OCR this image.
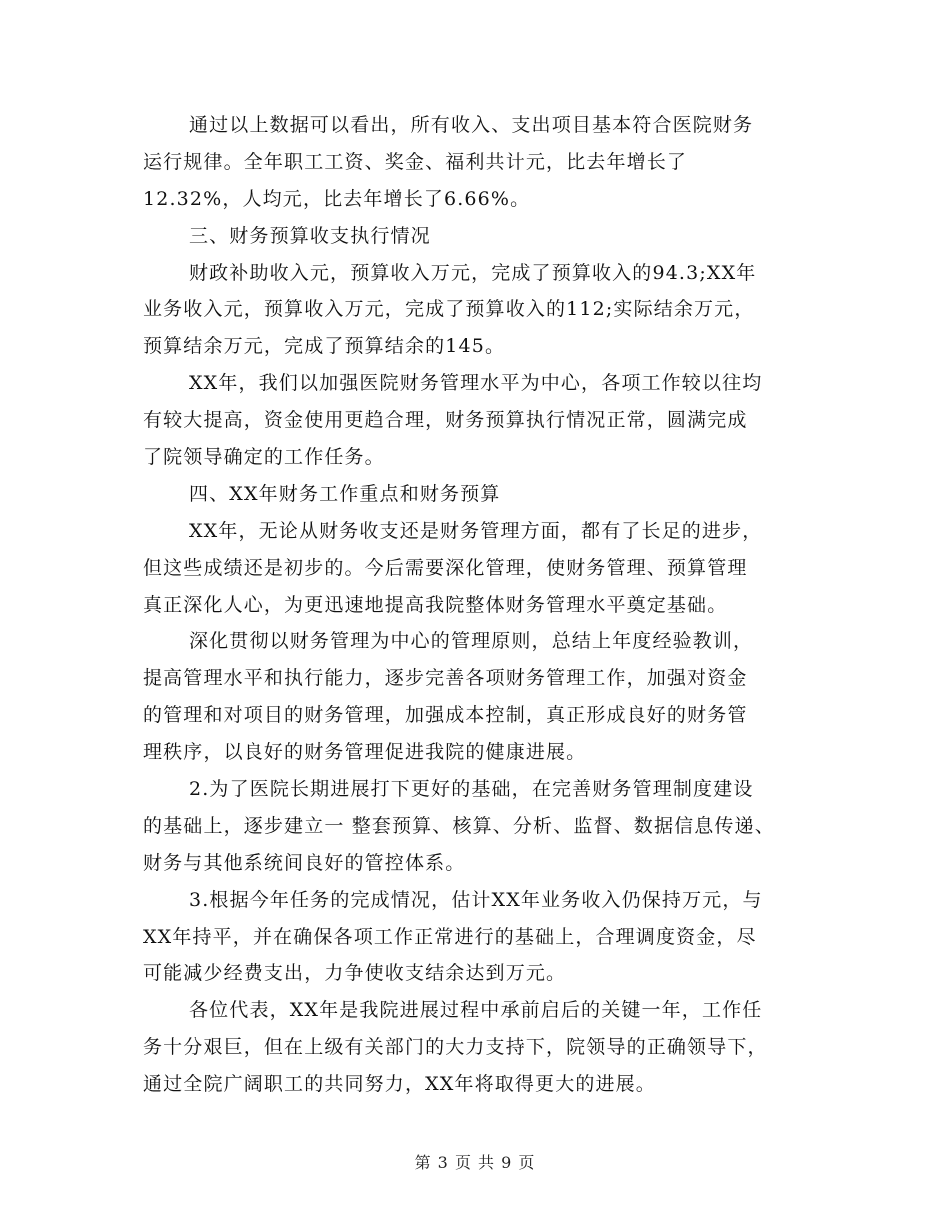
通过以上数据可以看出，所有收入、支出项目基本符合医院财务
运行规律。全年职工工资、奖金、福利共计元，比去年增长了
12.32%，人均元，比去年增长了6.66%。
三、财务预算收支执行情况
财政补助收入元，预算收入万元，完成了预算收入的94.3;XX年
业务收入元，预算收入万元，完成了预算收入的112;实际结余万元，
预算结余万元，完成了预算结余的145。
XX年，我们以加强医院财务管理水平为中心，各项工作较以往均
有较大提高，资金使用更趋合理，财务预算执行情况正常，圆满完成
了院领导确定的工作任务。
四、XX年财务工作重点和财务预算
XX年，无论从财务收支还是财务管理方面，都有了长足的进步，
但这些成绩还是初步的。今后需要深化管理，使财务管理、预算管理
真正深化人心，为更迅速地提高我院整体财务管理水平奠定基础。
深化贯彻以财务管理为中心的管理原则，总结上年度经验教训，
提高管理水平和执行能力，逐步完善各项财务管理工作，加强对资金
的管理和对项目的财务管理，加强成本控制，真正形成良好的财务管
理秩序，以良好的财务管理促进我院的健康进展。
2.为了医院长期进展打下更好的基础，在完善财务管理制度建设
的基础上，逐步建立一 整套预算、核算、分析、监督、数据信息传递、
财务与其他系统间良好的管控体系。
3.根据今年任务的完成情况，估计XX年业务收入仍保持万元，与
XX年持平，并在确保各项工作正常进行的基础上，合理调度资金，尽
可能减少经费支出，力争使收支结余达到万元。
各位代表，XX年是我院进展过程中承前启后的关键一年，工作任
务十分艰巨，但在上级有关部门的大力支持下，院领导的正确领导下，
通过全院广阔职工的共同努力，XX年将取得更大的进展。
第 3 页 共 9 页
